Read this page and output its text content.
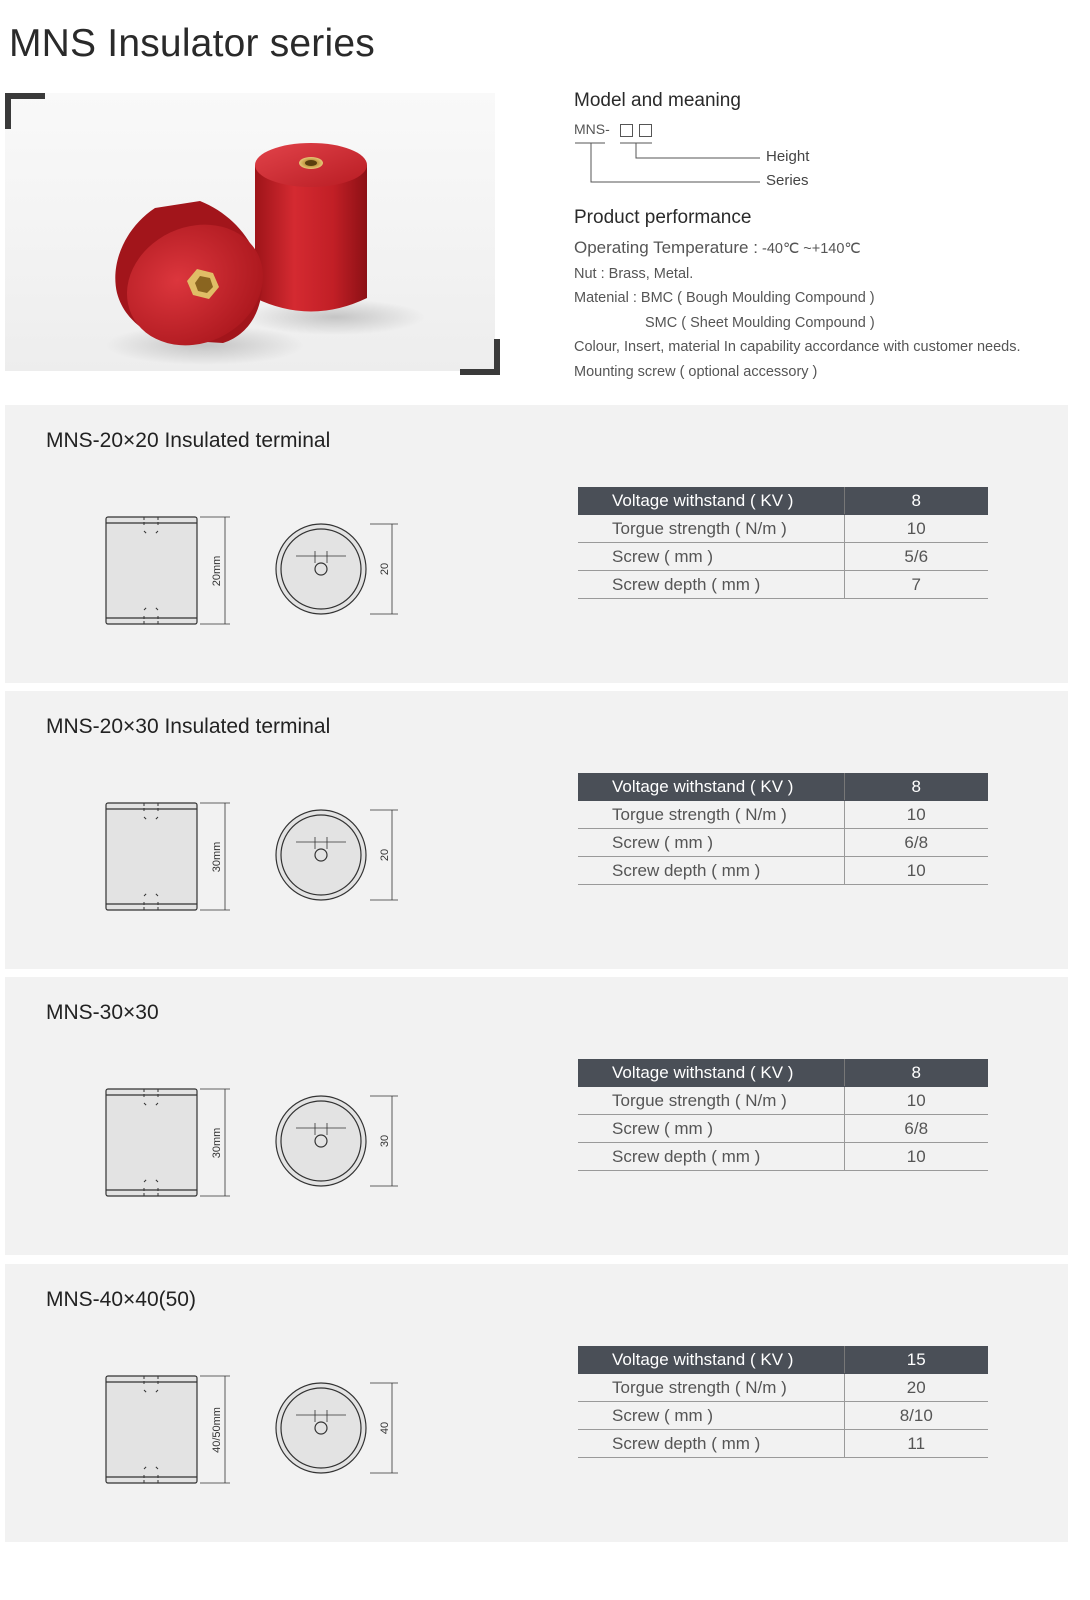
MNS Insulator series
Model and meaning
MNS-
Height
Series
Product performance
Operating Temperature : -40℃ ~+140℃
Nut : Brass, Metal.
Matenial : BMC ( Bough Moulding Compound )
SMC ( Sheet Moulding Compound )
Colour, Insert, material In capability accordance with customer needs.
Mounting screw ( optional accessory )
MNS-20×20 Insulated terminal
20mm	20
Voltage withstand ( KV )	8
Torgue strength ( N/m )	10
Screw ( mm )	5/6
Screw depth ( mm )	7
MNS-20×30 Insulated terminal
30mm	20
Voltage withstand ( KV )	8
Torgue strength ( N/m )	10
Screw ( mm )	6/8
Screw depth ( mm )	10
MNS-30×30
30mm	30
Voltage withstand ( KV )	8
Torgue strength ( N/m )	10
Screw ( mm )	6/8
Screw depth ( mm )	10
MNS-40×40(50)
40/50mm	40
Voltage withstand ( KV )	15
Torgue strength ( N/m )	20
Screw ( mm )	8/10
Screw depth ( mm )	11
